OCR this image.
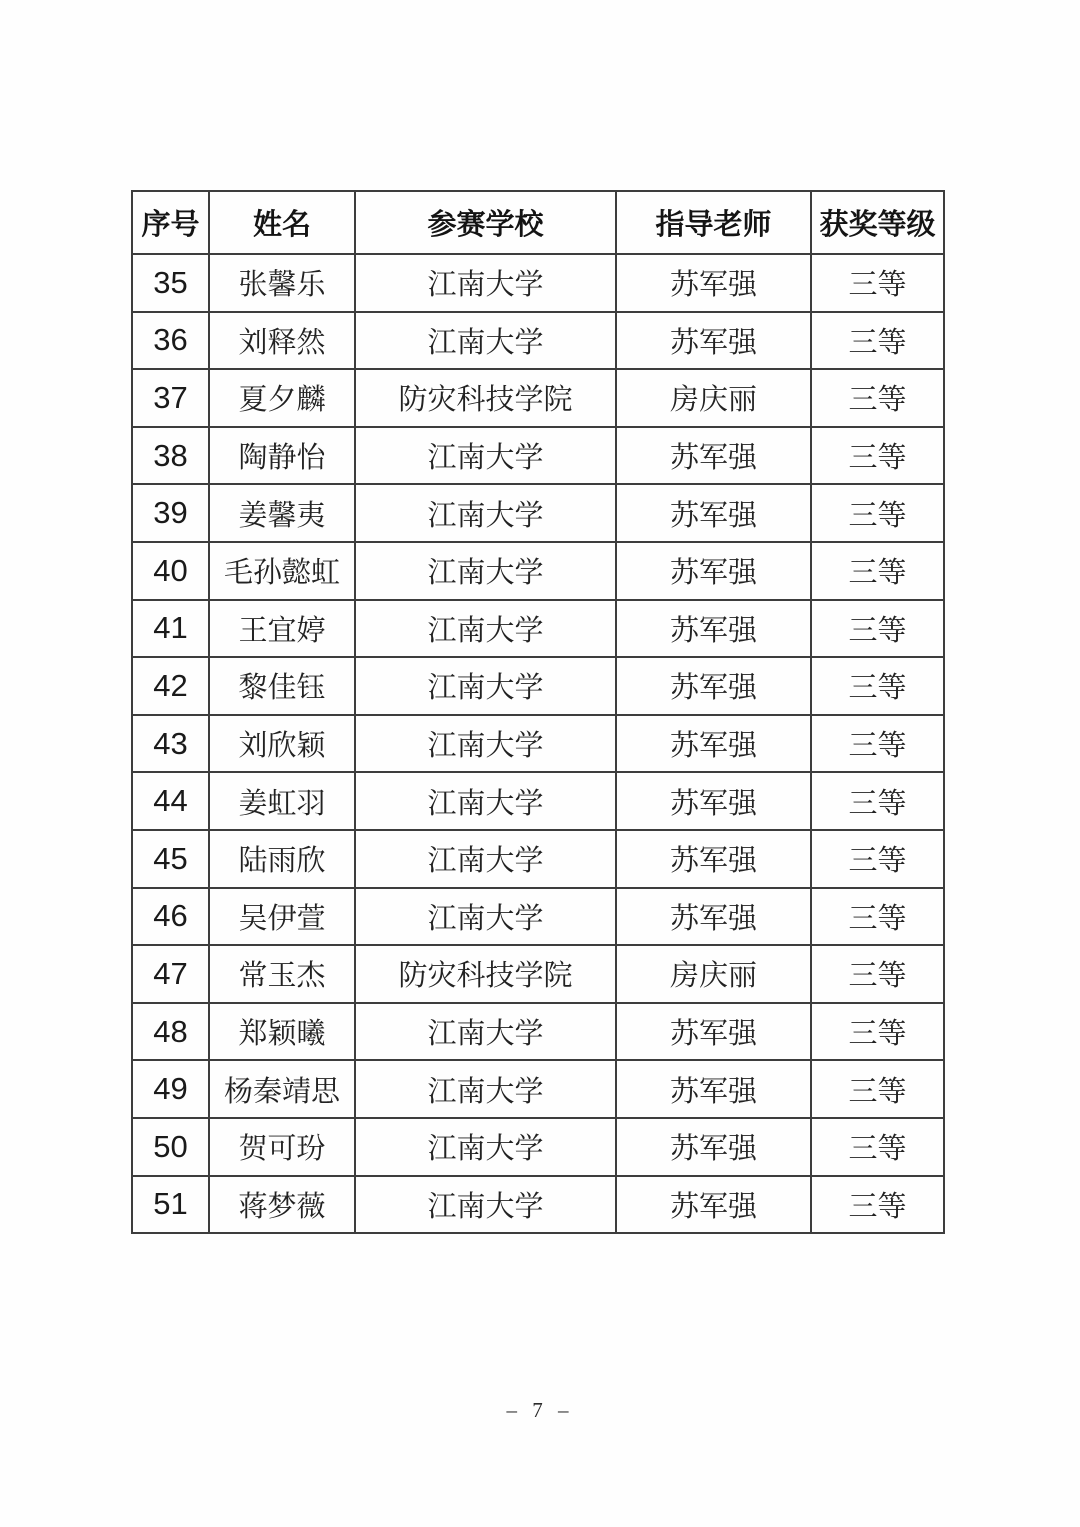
序号	姓名	参赛学校	指导老师	获奖等级
35	张馨乐	江南大学	苏军强	三等
36	刘释然	江南大学	苏军强	三等
37	夏夕麟	防灾科技学院	房庆丽	三等
38	陶静怡	江南大学	苏军强	三等
39	姜馨夷	江南大学	苏军强	三等
40	毛孙懿虹	江南大学	苏军强	三等
41	王宜婷	江南大学	苏军强	三等
42	黎佳钰	江南大学	苏军强	三等
43	刘欣颖	江南大学	苏军强	三等
44	姜虹羽	江南大学	苏军强	三等
45	陆雨欣	江南大学	苏军强	三等
46	吴伊萱	江南大学	苏军强	三等
47	常玉杰	防灾科技学院	房庆丽	三等
48	郑颖曦	江南大学	苏军强	三等
49	杨秦靖思	江南大学	苏军强	三等
50	贺可玢	江南大学	苏军强	三等
51	蒋梦薇	江南大学	苏军强	三等
– 7 –
